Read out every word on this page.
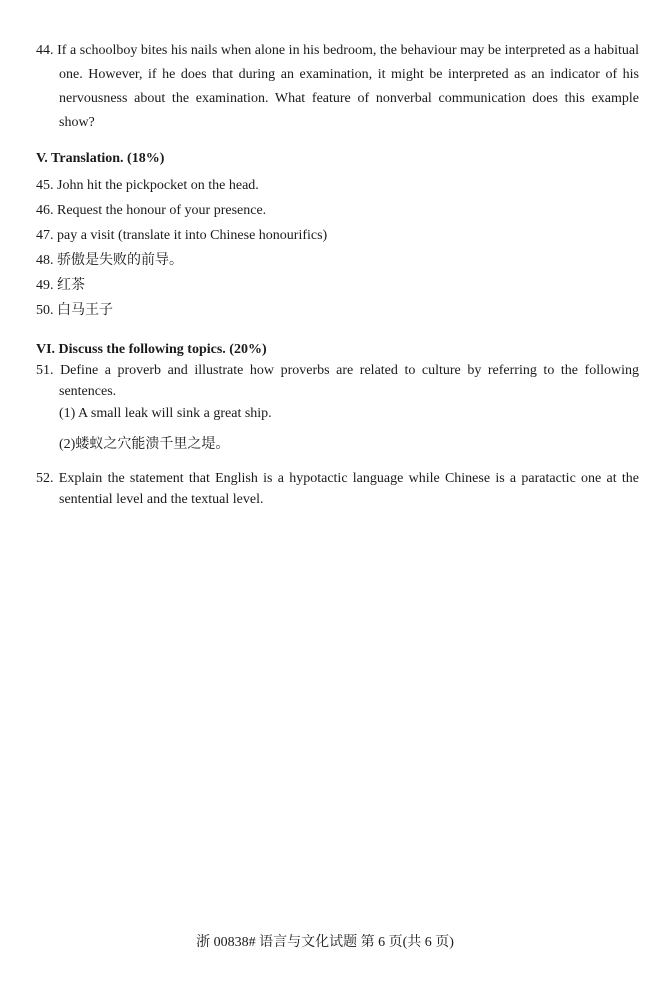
44. If a schoolboy bites his nails when alone in his bedroom, the behaviour may be interpreted as a habitual one. However, if he does that during an examination, it might be interpreted as an indicator of his nervousness about the examination. What feature of nonverbal communication does this example show?
V. Translation. (18%)
45. John hit the pickpocket on the head.
46. Request the honour of your presence.
47. pay a visit (translate it into Chinese honourifics)
48. 骄傲是失败的前导。
49. 红茶
50. 白马王子
VI. Discuss the following topics. (20%)
51. Define a proverb and illustrate how proverbs are related to culture by referring to the following sentences.
(1) A small leak will sink a great ship.
(2)蝼蚁之穴能溃千里之堤。
52. Explain the statement that English is a hypotactic language while Chinese is a paratactic one at the sentential level and the textual level.
浙 00838# 语言与文化试题 第 6 页(共 6 页)
